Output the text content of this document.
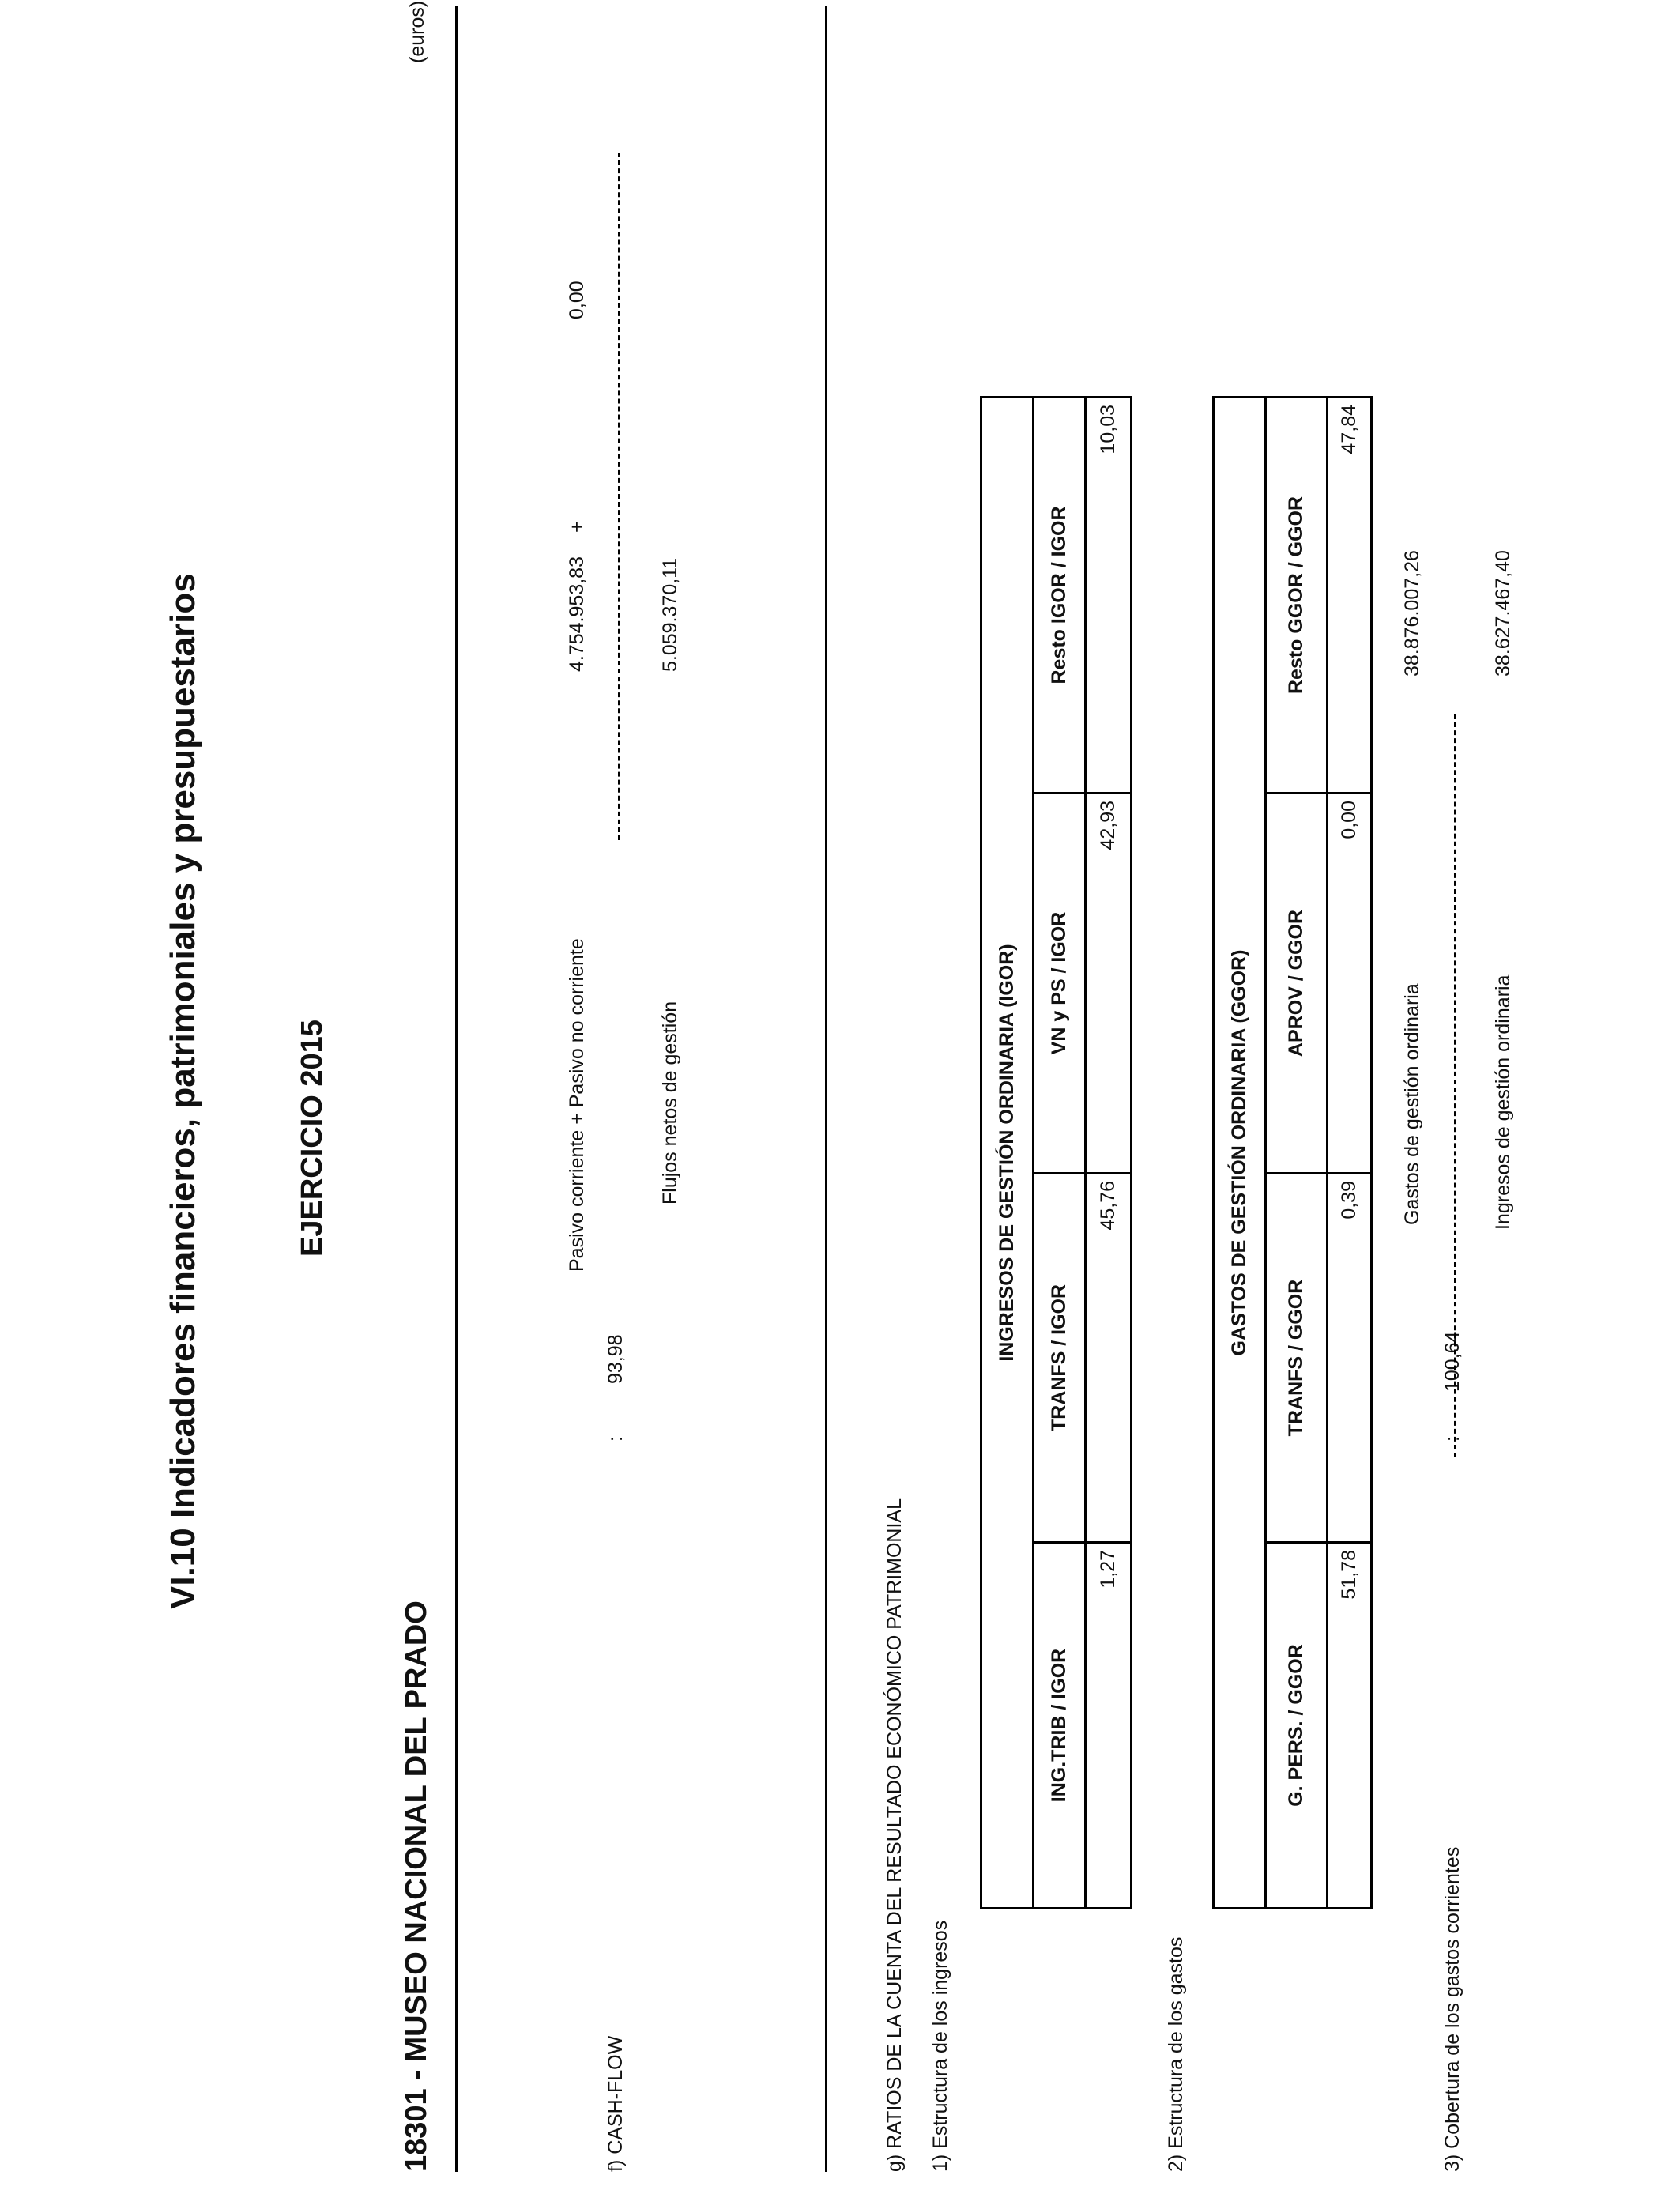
VI.10 Indicadores financieros, patrimoniales y presupuestarios	EJERCICIO 2015
18301 - MUSEO NACIONAL DEL PRADO
(euros)
f) CASH-FLOW
93,98
:
Pasivo corriente + Pasivo no corriente
4.754.953,83
+
0,00
Flujos netos de gestión
5.059.370,11
g) RATIOS DE LA CUENTA DEL RESULTADO ECONÓMICO PATRIMONIAL 1) Estructura de los ingresos
INGRESOS DE GESTIÓN ORDINARIA (IGOR)			
ING.TRIB / IGOR	TRANFS / IGOR	VN y PS / IGOR	Resto IGOR / IGOR
1,27	45,76	42,93	10,03
2) Estructura de los gastos
GASTOS DE GESTIÓN ORDINARIA (GGOR)			
G. PERS. / GGOR	TRANFS / GGOR	APROV / GGOR	Resto GGOR / GGOR
51,78	0,39	0,00	47,84
3) Cobertura de los gastos corrientes
100,64
:
Gastos de gestión ordinaria
38.876.007,26
Ingresos de gestión ordinaria
38.627.467,40
